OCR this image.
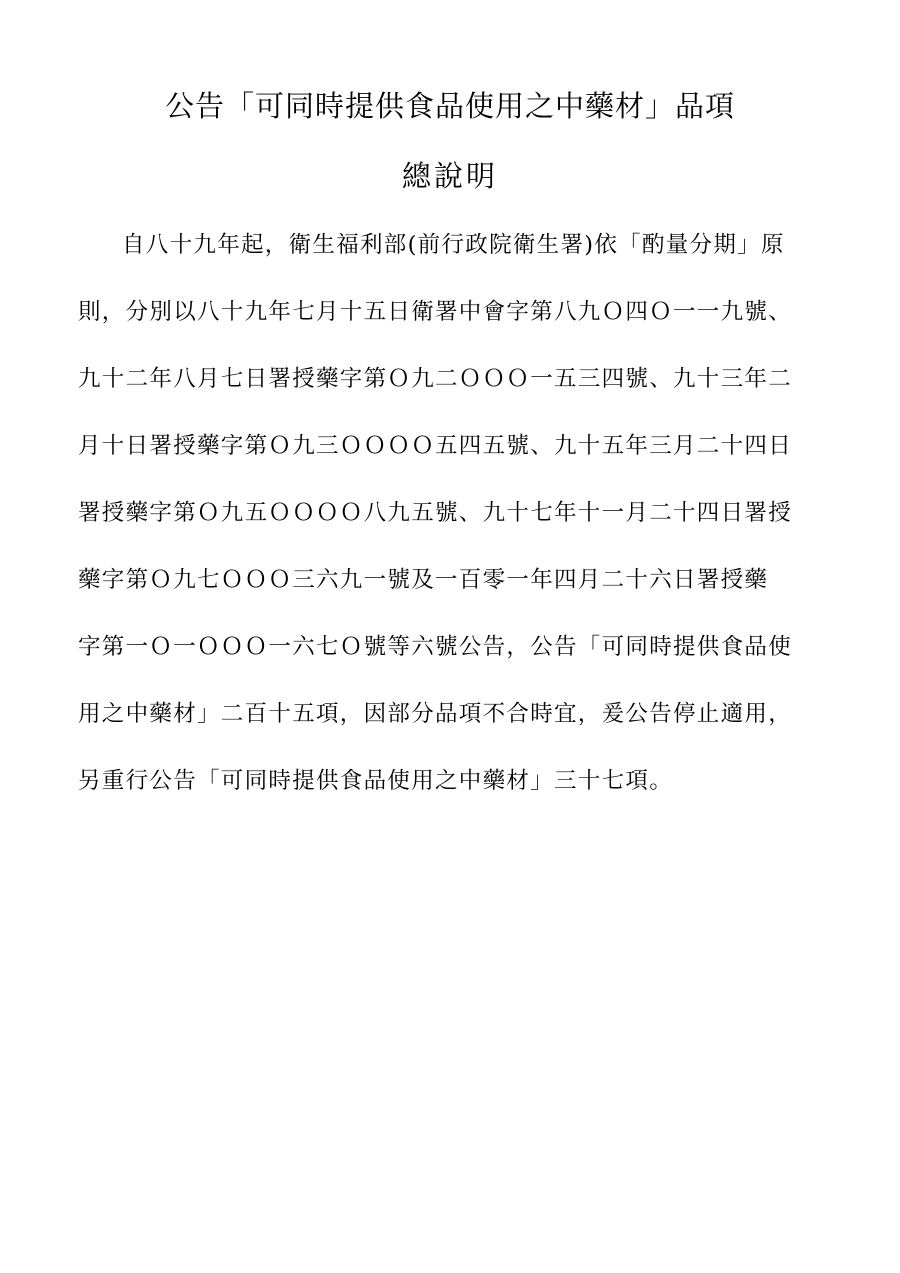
公告「可同時提供食品使用之中藥材」品項
總說明
自八十九年起，衛生福利部(前行政院衛生署)依「酌量分期」原
則，分別以八十九年七月十五日衛署中會字第八九Ｏ四Ｏ一一九號、
九十二年八月七日署授藥字第Ｏ九二ＯＯＯ一五三四號、九十三年二
月十日署授藥字第Ｏ九三ＯＯＯＯ五四五號、九十五年三月二十四日
署授藥字第Ｏ九五ＯＯＯＯ八九五號、九十七年十一月二十四日署授
藥字第Ｏ九七ＯＯＯ三六九一號及一百零一年四月二十六日署授藥
字第一Ｏ一ＯＯＯ一六七Ｏ號等六號公告，公告「可同時提供食品使
用之中藥材」二百十五項，因部分品項不合時宜，爰公告停止適用，
另重行公告「可同時提供食品使用之中藥材」三十七項。
